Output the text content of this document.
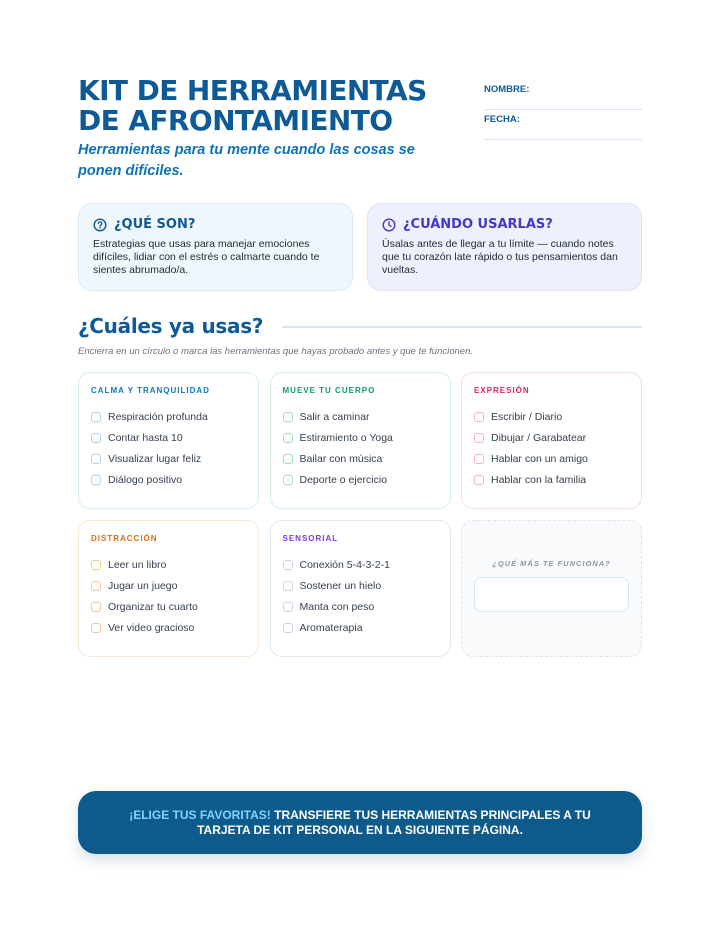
KIT DE HERRAMIENTAS DE AFRONTAMIENTO

Herramientas para tu mente cuando las cosas se ponen difíciles.

NOMBRE:
FECHA:
¿QUÉ SON?

Estrategias que usas para manejar emociones difíciles, lidiar con el estrés o calmarte cuando te sientes abrumado/a.

¿CUÁNDO USARLAS?

Úsalas antes de llegar a tu límite — cuando notes que tu corazón late rápido o tus pensamientos dan vueltas.

¿Cuáles ya usas?

Encierra en un círculo o marca las herramientas que hayas probado antes y que te funcionen.

CALMA Y TRANQUILIDAD
Respiración profunda
Contar hasta 10
Visualizar lugar feliz
Diálogo positivo
MUEVE TU CUERPO
Salir a caminar
Estiramiento o Yoga
Bailar con música
Deporte o ejercicio
EXPRESIÓN
Escribir / Diario
Dibujar / Garabatear
Hablar con un amigo
Hablar con la familia
DISTRACCIÓN
Leer un libro
Jugar un juego
Organizar tu cuarto
Ver video gracioso
SENSORIAL
Conexión 5-4-3-2-1
Sostener un hielo
Manta con peso
Aromaterapia
¿QUÉ MÁS TE FUNCIONA?

¡ELIGE TUS FAVORITAS! TRANSFIERE TUS HERRAMIENTAS PRINCIPALES A TU TARJETA DE KIT PERSONAL EN LA SIGUIENTE PÁGINA.
